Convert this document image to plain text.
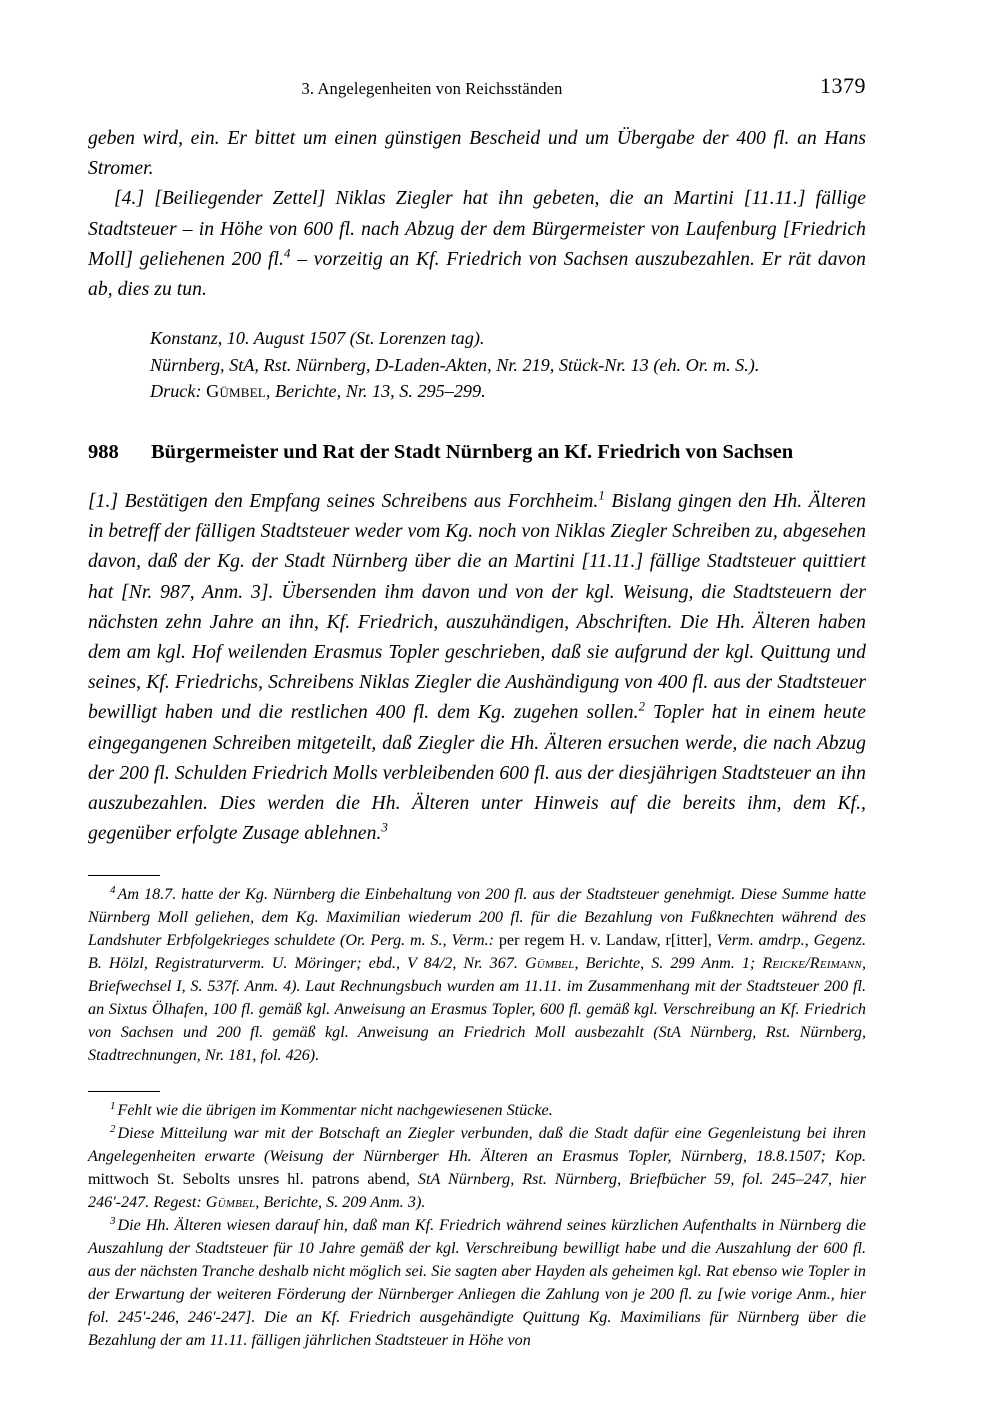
3. Angelegenheiten von Reichsständen	1379

geben wird, ein. Er bittet um einen günstigen Bescheid und um Übergabe der 400 fl. an Hans Stromer.

[4.] [Beiliegender Zettel] Niklas Ziegler hat ihn gebeten, die an Martini [11.11.] fällige Stadtsteuer – in Höhe von 600 fl. nach Abzug der dem Bürgermeister von Laufenburg [Friedrich Moll] geliehenen 200 fl.$^4$ – vorzeitig an Kf. Friedrich von Sachsen auszubezahlen. Er rät davon ab, dies zu tun.

Konstanz, 10. August 1507 (St. Lorenzen tag).
Nürnberg, StA, Rst. Nürnberg, D-Laden-Akten, Nr. 219, Stück-Nr. 13 (eh. Or. m. S.).
Druck: Gümbel, Berichte, Nr. 13, S. 295–299.
988	Bürgermeister und Rat der Stadt Nürnberg an Kf. Friedrich von Sachsen

[1.] Bestätigen den Empfang seines Schreibens aus Forchheim.$^1$ Bislang gingen den Hh. Älteren in betreff der fälligen Stadtsteuer weder vom Kg. noch von Niklas Ziegler Schreiben zu, abgesehen davon, daß der Kg. der Stadt Nürnberg über die an Martini [11.11.] fällige Stadtsteuer quittiert hat [Nr. 987, Anm. 3]. Übersenden ihm davon und von der kgl. Weisung, die Stadtsteuern der nächsten zehn Jahre an ihn, Kf. Friedrich, auszuhändigen, Abschriften. Die Hh. Älteren haben dem am kgl. Hof weilenden Erasmus Topler geschrieben, daß sie aufgrund der kgl. Quittung und seines, Kf. Friedrichs, Schreibens Niklas Ziegler die Aushändigung von 400 fl. aus der Stadtsteuer bewilligt haben und die restlichen 400 fl. dem Kg. zugehen sollen.$^2$ Topler hat in einem heute eingegangenen Schreiben mitgeteilt, daß Ziegler die Hh. Älteren ersuchen werde, die nach Abzug der 200 fl. Schulden Friedrich Molls verbleibenden 600 fl. aus der diesjährigen Stadtsteuer an ihn auszubezahlen. Dies werden die Hh. Älteren unter Hinweis auf die bereits ihm, dem Kf., gegenüber erfolgte Zusage ablehnen.$^3$

$^4$ Am 18.7. hatte der Kg. Nürnberg die Einbehaltung von 200 fl. aus der Stadtsteuer genehmigt. Diese Summe hatte Nürnberg Moll geliehen, dem Kg. Maximilian wiederum 200 fl. für die Bezahlung von Fußknechten während des Landshuter Erbfolgekrieges schuldete (Or. Perg. m. S., Verm.: per regem H. v. Landaw, r[itter], Verm. amdrp., Gegenz. B. Hölzl, Registraturverm. U. Möringer; ebd., V 84/2, Nr. 367. Gümbel, Berichte, S. 299 Anm. 1; Reicke/Reimann, Briefwechsel I, S. 537f. Anm. 4). Laut Rechnungsbuch wurden am 11.11. im Zusammenhang mit der Stadtsteuer 200 fl. an Sixtus Ölhafen, 100 fl. gemäß kgl. Anweisung an Erasmus Topler, 600 fl. gemäß kgl. Verschreibung an Kf. Friedrich von Sachsen und 200 fl. gemäß kgl. Anweisung an Friedrich Moll ausbezahlt (StA Nürnberg, Rst. Nürnberg, Stadtrechnungen, Nr. 181, fol. 426).

$^1$ Fehlt wie die übrigen im Kommentar nicht nachgewiesenen Stücke.

$^2$ Diese Mitteilung war mit der Botschaft an Ziegler verbunden, daß die Stadt dafür eine Gegenleistung bei ihren Angelegenheiten erwarte (Weisung der Nürnberger Hh. Älteren an Erasmus Topler, Nürnberg, 18.8.1507; Kop. mittwoch St. Sebolts unsres hl. patrons abend, StA Nürnberg, Rst. Nürnberg, Briefbücher 59, fol. 245–247, hier 246'-247. Regest: Gümbel, Berichte, S. 209 Anm. 3).

$^3$ Die Hh. Älteren wiesen darauf hin, daß man Kf. Friedrich während seines kürzlichen Aufenthalts in Nürnberg die Auszahlung der Stadtsteuer für 10 Jahre gemäß der kgl. Verschreibung bewilligt habe und die Auszahlung der 600 fl. aus der nächsten Tranche deshalb nicht möglich sei. Sie sagten aber Hayden als geheimen kgl. Rat ebenso wie Topler in der Erwartung der weiteren Förderung der Nürnberger Anliegen die Zahlung von je 200 fl. zu [wie vorige Anm., hier fol. 245'-246, 246'-247]. Die an Kf. Friedrich ausgehändigte Quittung Kg. Maximilians für Nürnberg über die Bezahlung der am 11.11. fälligen jährlichen Stadtsteuer in Höhe von
